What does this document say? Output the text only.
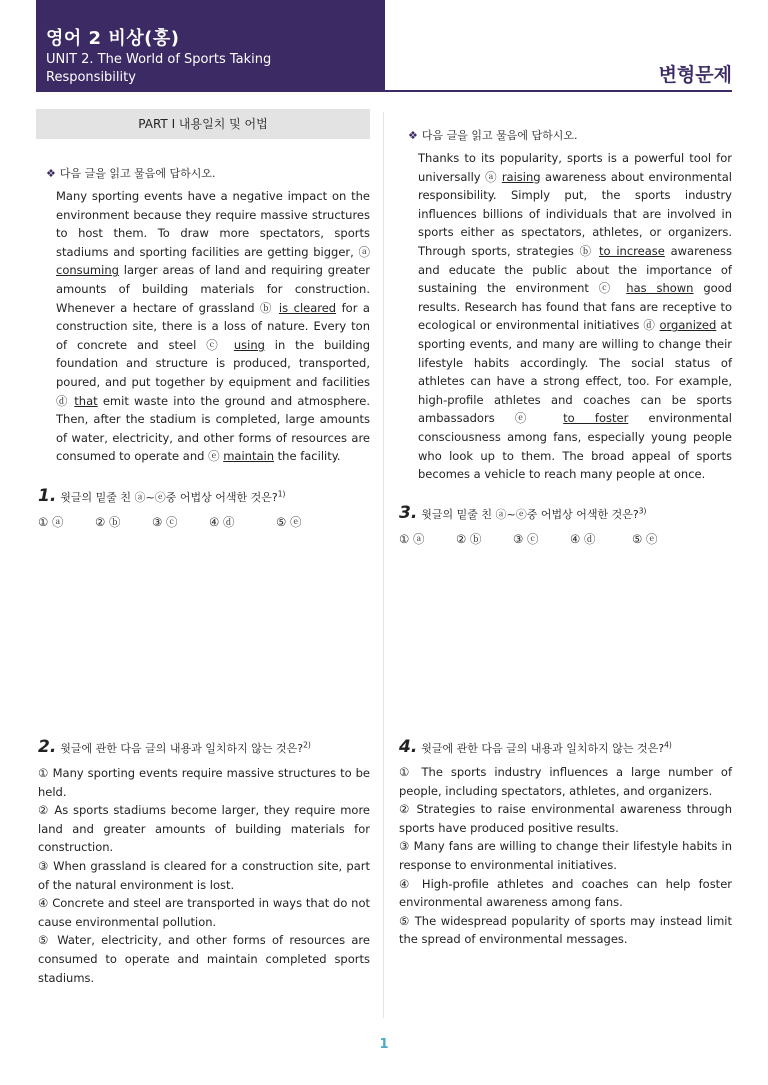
영어 2 비상(홍)
UNIT 2. The World of Sports Taking
Responsibility	변형문제
PART Ⅰ 내용일치 및 어법
❖ 다음 글을 읽고 물음에 답하시오.
Many sporting events have a negative impact on the environment because they require massive structures to host them. To draw more spectators, sports stadiums and sporting facilities are getting bigger, ⓐ consuming larger areas of land and requiring greater amounts of building materials for construction. Whenever a hectare of grassland ⓑ is cleared for a construction site, there is a loss of nature. Every ton of concrete and steel ⓒ using in the building foundation and structure is produced, transported, poured, and put together by equipment and facilities ⓓ that emit waste into the ground and atmosphere. Then, after the stadium is completed, large amounts of water, electricity, and other forms of resources are consumed to operate and ⓔ maintain the facility.
1. 윗글의 밑줄 친 ⓐ~ⓔ중 어법상 어색한 것은?$^{1)}$
① ⓐ	② ⓑ	③ ⓒ	④ ⓓ	⑤ ⓔ
2. 윗글에 관한 다음 글의 내용과 일치하지 않는 것은?$^{2)}$

① Many sporting events require massive structures to be held.

② As sports stadiums become larger, they require more land and greater amounts of building materials for construction.

③ When grassland is cleared for a construction site, part of the natural environment is lost.

④ Concrete and steel are transported in ways that do not cause environmental pollution.

⑤ Water, electricity, and other forms of resources are consumed to operate and maintain completed sports stadiums.

❖ 다음 글을 읽고 물음에 답하시오.
Thanks to its popularity, sports is a powerful tool for universally ⓐ raising awareness about environmental responsibility. Simply put, the sports industry influences billions of individuals that are involved in sports either as spectators, athletes, or organizers. Through sports, strategies ⓑ to increase awareness and educate the public about the importance of sustaining the environment ⓒ has shown good results. Research has found that fans are receptive to ecological or environmental initiatives ⓓ organized at sporting events, and many are willing to change their lifestyle habits accordingly. The social status of athletes can have a strong effect, too. For example, high-profile athletes and coaches can be sports ambassadors ⓔ to foster environmental consciousness among fans, especially young people who look up to them. The broad appeal of sports becomes a vehicle to reach many people at once.
3. 윗글의 밑줄 친 ⓐ~ⓔ중 어법상 어색한 것은?$^{3)}$
① ⓐ	② ⓑ	③ ⓒ	④ ⓓ	⑤ ⓔ
4. 윗글에 관한 다음 글의 내용과 일치하지 않는 것은?$^{4)}$

① The sports industry influences a large number of people, including spectators, athletes, and organizers.

② Strategies to raise environmental awareness through sports have produced positive results.

③ Many fans are willing to change their lifestyle habits in response to environmental initiatives.

④ High-profile athletes and coaches can help foster environmental awareness among fans.

⑤ The widespread popularity of sports may instead limit the spread of environmental messages.

1
